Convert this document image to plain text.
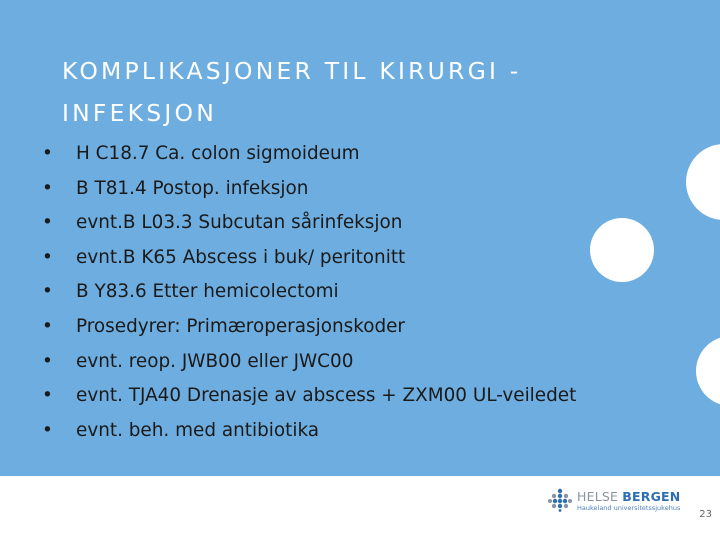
KOMPLIKASJONER TIL KIRURGI -
INFEKSJON
• H C18.7 Ca. colon sigmoideum
• B T81.4 Postop. infeksjon
• evnt.B L03.3 Subcutan sårinfeksjon
• evnt.B K65 Abscess i buk/ peritonitt
• B Y83.6 Etter hemicolectomi
• Prosedyrer: Primæroperasjonskoder
• evnt. reop. JWB00 eller JWC00
• evnt. TJA40 Drenasje av abscess + ZXM00 UL-veiledet
• evnt. beh. med antibiotika
HELSE BERGEN
Haukeland universitetssjukehus
23
